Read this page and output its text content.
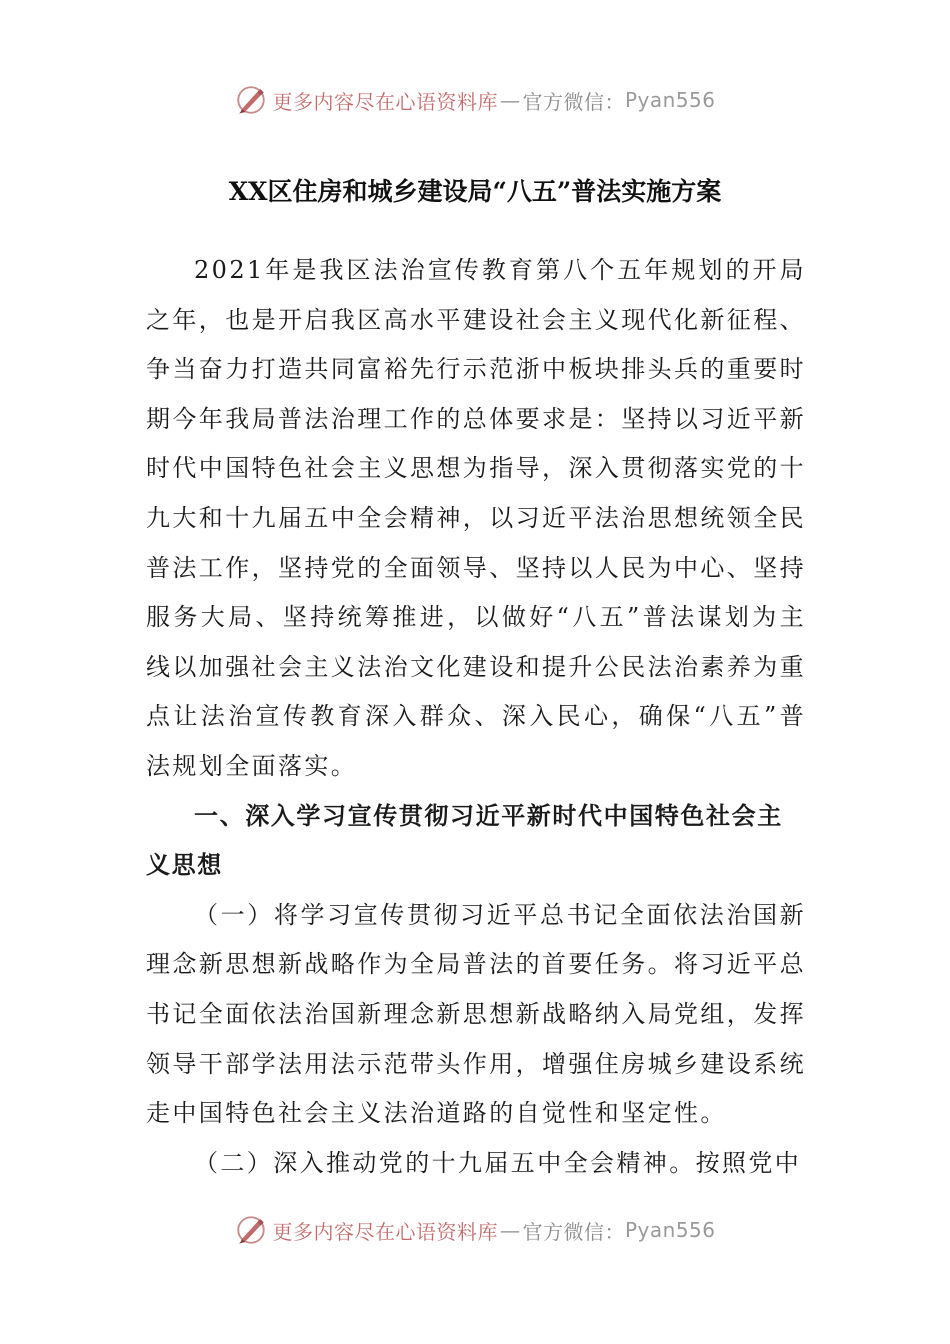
更多内容尽在心语资料库 — 官方微信： Pyan556
XX区住房和城乡建设局“八五”普法实施方案

2021年是我区法治宣传教育第八个五年规划的开局之年，也是开启我区高水平建设社会主义现代化新征程、争当奋力打造共同富裕先行示范浙中板块排头兵的重要时期今年我局普法治理工作的总体要求是：坚持以习近平新时代中国特色社会主义思想为指导，深入贯彻落实党的十九大和十九届五中全会精神，以习近平法治思想统领全民普法工作，坚持党的全面领导、坚持以人民为中心、坚持服务大局、坚持统筹推进，以做好“八五”普法谋划为主线以加强社会主义法治文化建设和提升公民法治素养为重点让法治宣传教育深入群众、深入民心，确保“八五”普法规划全面落实。

一、深入学习宣传贯彻习近平新时代中国特色社会主义思想

（一）将学习宣传贯彻习近平总书记全面依法治国新理念新思想新战略作为全局普法的首要任务。将习近平总书记全面依法治国新理念新思想新战略纳入局党组，发挥领导干部学法用法示范带头作用，增强住房城乡建设系统走中国特色社会主义法治道路的自觉性和坚定性。

（二）深入推动党的十九届五中全会精神。按照党中

更多内容尽在心语资料库 — 官方微信： Pyan556
